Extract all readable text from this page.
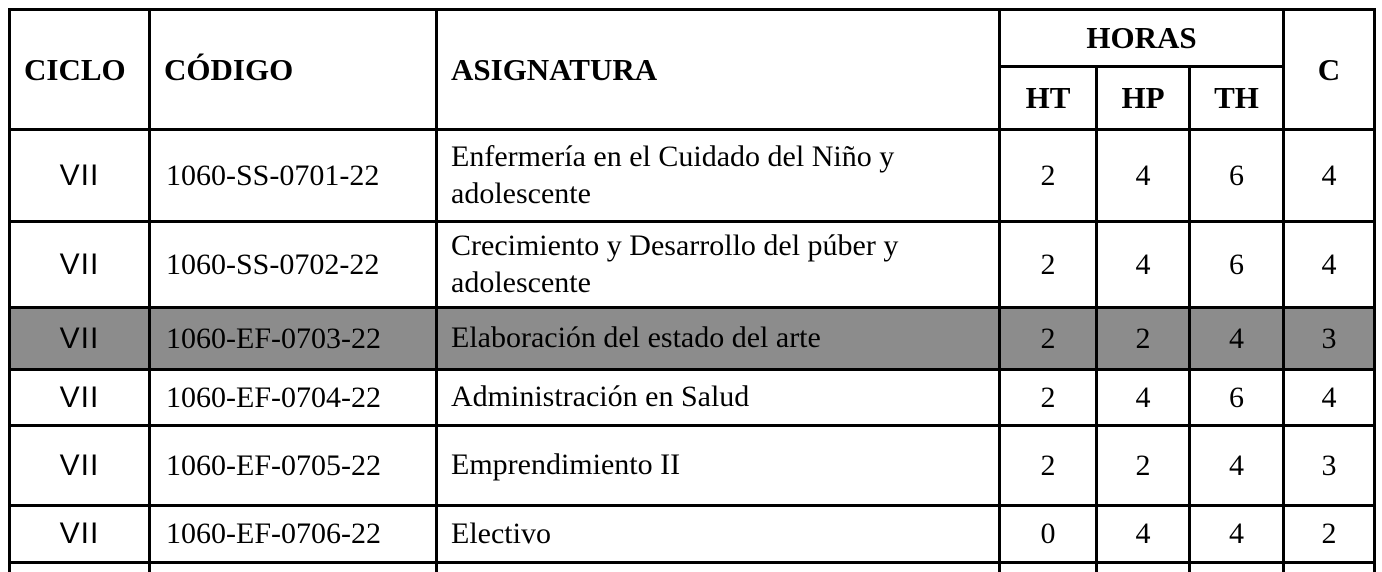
CICLO	CÓDIGO	ASIGNATURA	HORAS			C
			HT	HP	TH	
VII	1060-SS-0701-22	Enfermería en el Cuidado del Niño y adolescente	2	4	6	4
VII	1060-SS-0702-22	Crecimiento y Desarrollo del púber y adolescente	2	4	6	4
VII	1060-EF-0703-22	Elaboración del estado del arte	2	2	4	3
VII	1060-EF-0704-22	Administración en Salud	2	4	6	4
VII	1060-EF-0705-22	Emprendimiento II	2	2	4	3
VII	1060-EF-0706-22	Electivo	0	4	4	2
